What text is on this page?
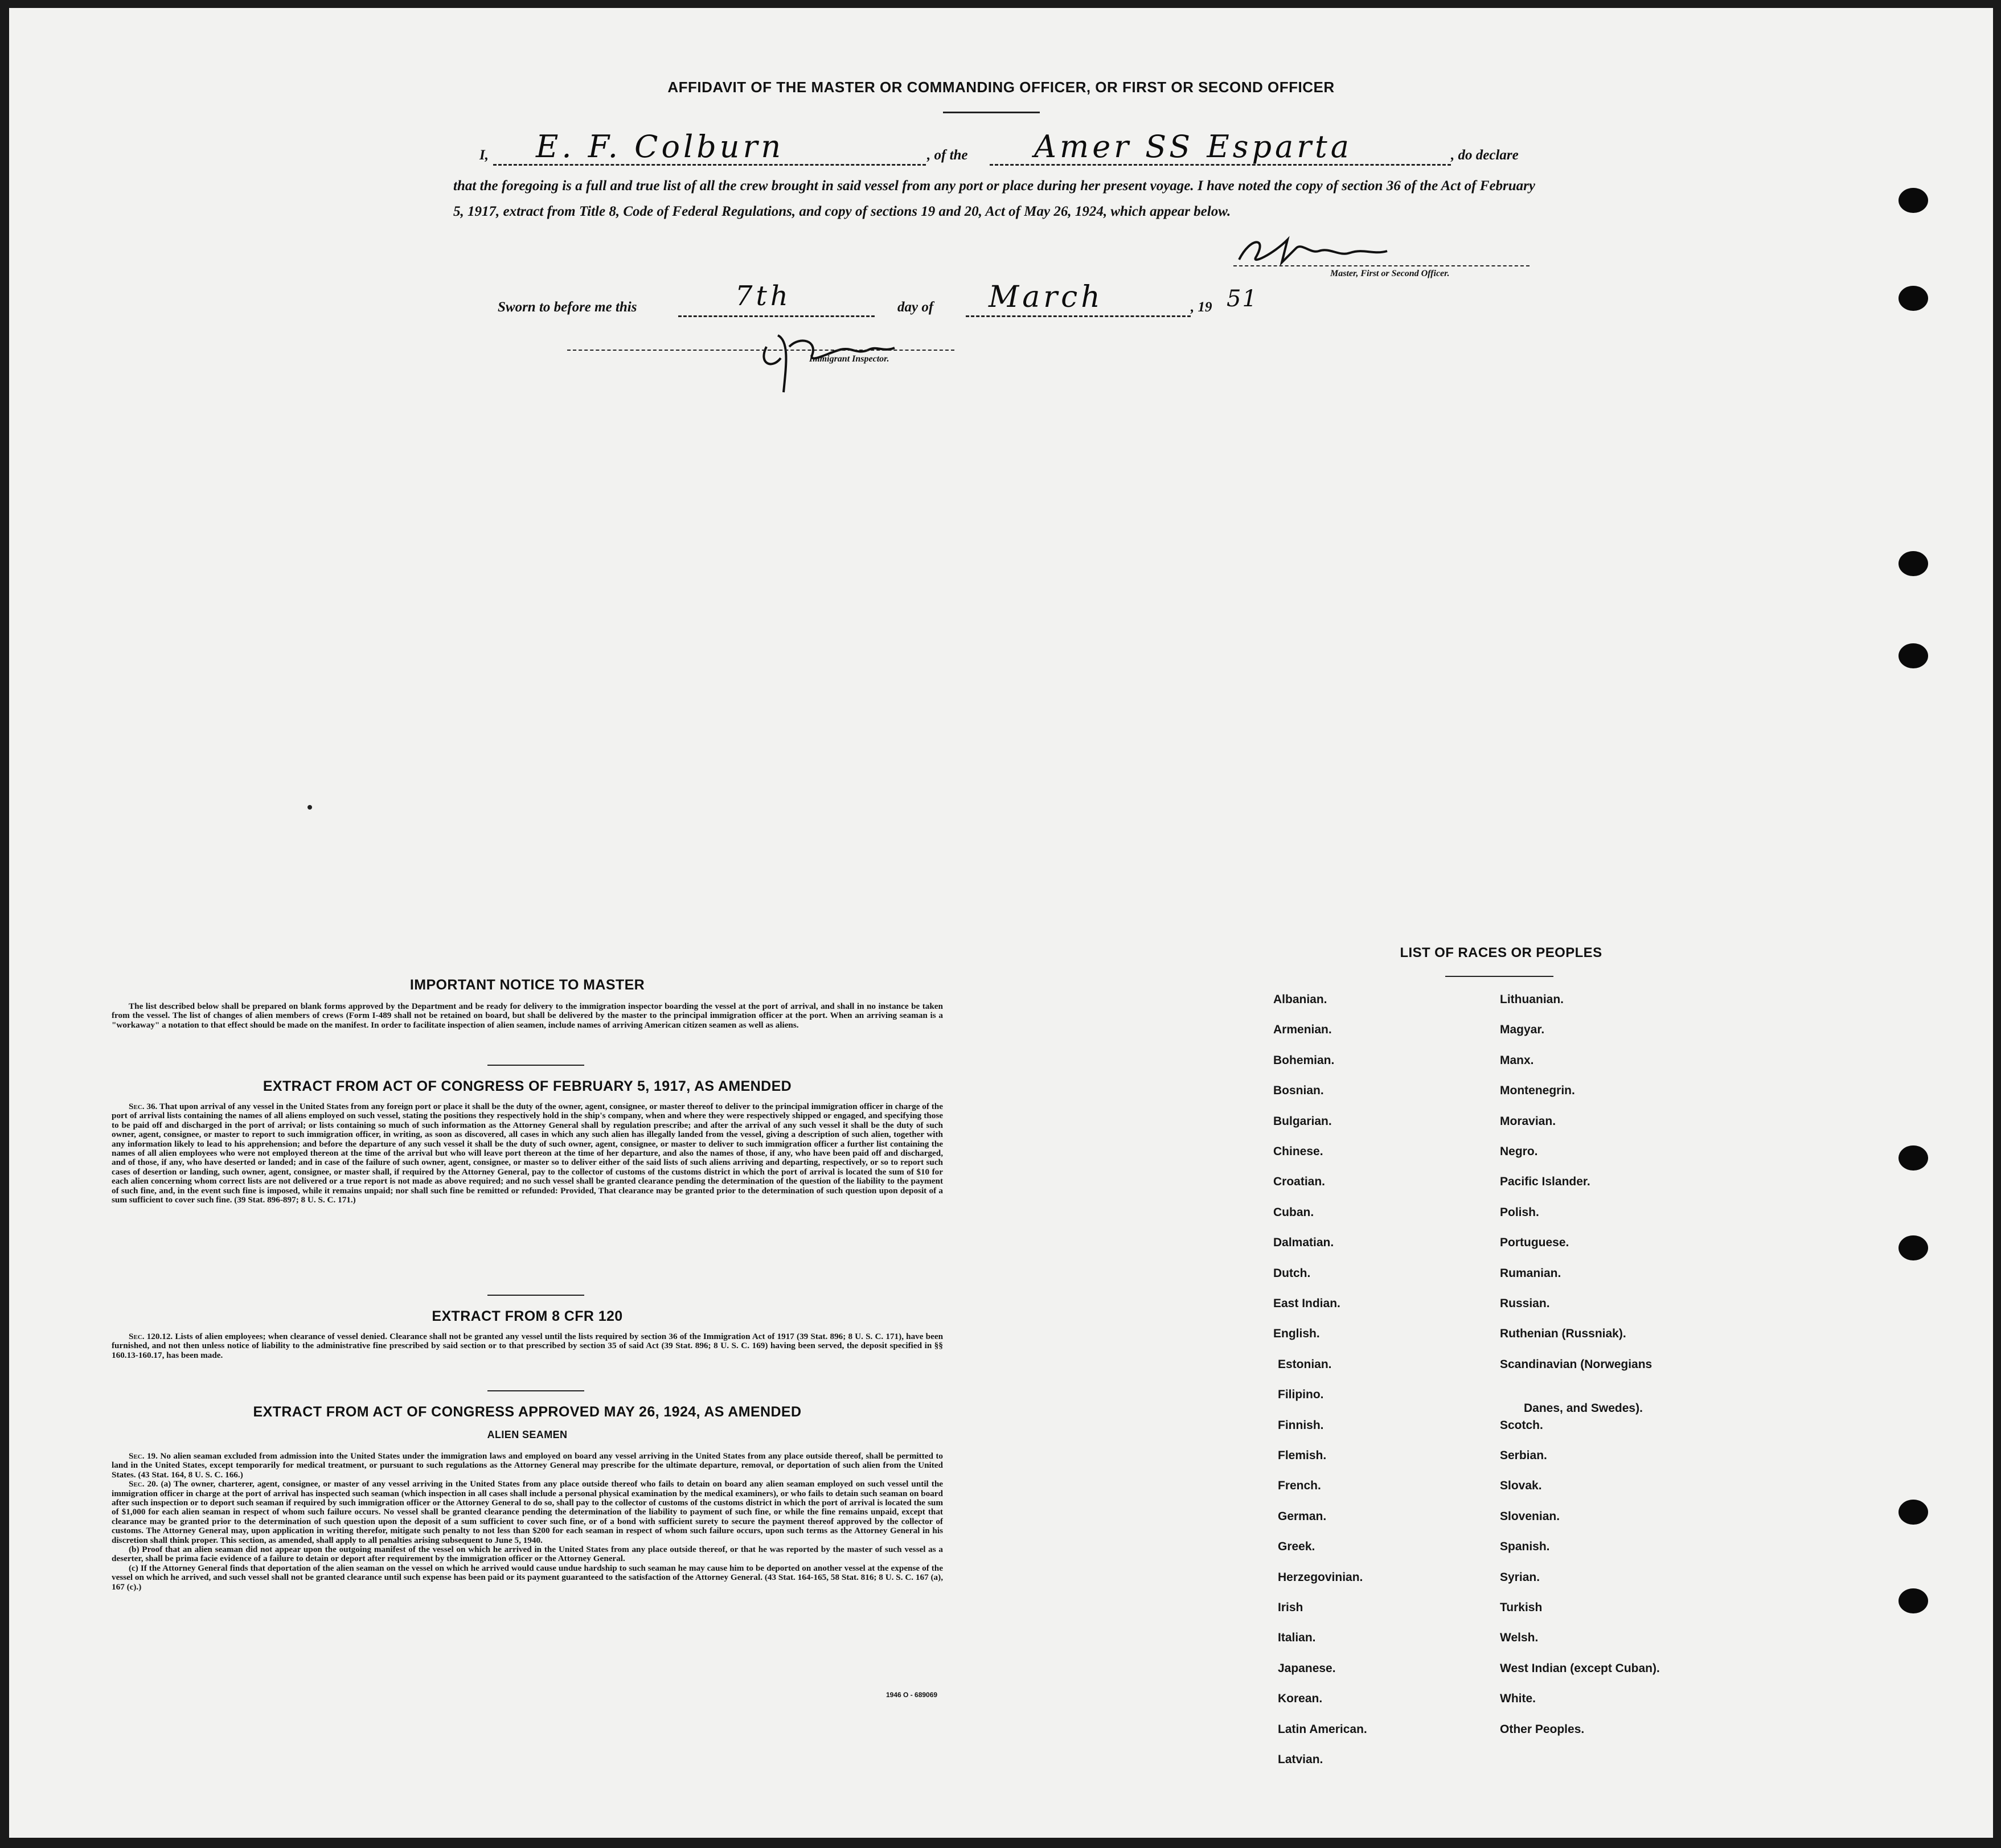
AFFIDAVIT OF THE MASTER OR COMMANDING OFFICER, OR FIRST OR SECOND OFFICER
I, E. F. Colburn	, of the Amer SS Esparta	, do declare
that the foregoing is a full and true list of all the crew brought in said vessel from any port or place during her present voyage. I have noted the copy of section 36 of the Act of February 5, 1917, extract from Title 8, Code of Federal Regulations, and copy of sections 19 and 20, Act of May 26, 1924, which appear below.
Master, First or Second Officer.
Sworn to before me this	7th	day of March	, 19 51
Immigrant Inspector.
IMPORTANT NOTICE TO MASTER

The list described below shall be prepared on blank forms approved by the Department and be ready for delivery to the immigration inspector boarding the vessel at the port of arrival, and shall in no instance be taken from the vessel. The list of changes of alien members of crews (Form I-489 shall not be retained on board, but shall be delivered by the master to the principal immigration officer at the port. When an arriving seaman is a "workaway" a notation to that effect should be made on the manifest. In order to facilitate inspection of alien seamen, include names of arriving American citizen seamen as well as aliens.

EXTRACT FROM ACT OF CONGRESS OF FEBRUARY 5, 1917, AS AMENDED

Sec. 36. That upon arrival of any vessel in the United States from any foreign port or place it shall be the duty of the owner, agent, consignee, or master thereof to deliver to the principal immigration officer in charge of the port of arrival lists containing the names of all aliens employed on such vessel, stating the positions they respectively hold in the ship's company, when and where they were respectively shipped or engaged, and specifying those to be paid off and discharged in the port of arrival; or lists containing so much of such information as the Attorney General shall by regulation prescribe; and after the arrival of any such vessel it shall be the duty of such owner, agent, consignee, or master to report to such immigration officer, in writing, as soon as discovered, all cases in which any such alien has illegally landed from the vessel, giving a description of such alien, together with any information likely to lead to his apprehension; and before the departure of any such vessel it shall be the duty of such owner, agent, consignee, or master to deliver to such immigration officer a further list containing the names of all alien employees who were not employed thereon at the time of the arrival but who will leave port thereon at the time of her departure, and also the names of those, if any, who have been paid off and discharged, and of those, if any, who have deserted or landed; and in case of the failure of such owner, agent, consignee, or master so to deliver either of the said lists of such aliens arriving and departing, respectively, or so to report such cases of desertion or landing, such owner, agent, consignee, or master shall, if required by the Attorney General, pay to the collector of customs of the customs district in which the port of arrival is located the sum of $10 for each alien concerning whom correct lists are not delivered or a true report is not made as above required; and no such vessel shall be granted clearance pending the determination of the question of the liability to the payment of such fine, and, in the event such fine is imposed, while it remains unpaid; nor shall such fine be remitted or refunded: Provided, That clearance may be granted prior to the determination of such question upon deposit of a sum sufficient to cover such fine. (39 Stat. 896-897; 8 U. S. C. 171.)

EXTRACT FROM 8 CFR 120

Sec. 120.12. Lists of alien employees; when clearance of vessel denied. Clearance shall not be granted any vessel until the lists required by section 36 of the Immigration Act of 1917 (39 Stat. 896; 8 U. S. C. 171), have been furnished, and not then unless notice of liability to the administrative fine prescribed by said section or to that prescribed by section 35 of said Act (39 Stat. 896; 8 U. S. C. 169) having been served, the deposit specified in §§ 160.13-160.17, has been made.

EXTRACT FROM ACT OF CONGRESS APPROVED MAY 26, 1924, AS AMENDED
ALIEN SEAMEN

Sec. 19. No alien seaman excluded from admission into the United States under the immigration laws and employed on board any vessel arriving in the United States from any place outside thereof, shall be permitted to land in the United States, except temporarily for medical treatment, or pursuant to such regulations as the Attorney General may prescribe for the ultimate departure, removal, or deportation of such alien from the United States. (43 Stat. 164, 8 U. S. C. 166.)

Sec. 20. (a) The owner, charterer, agent, consignee, or master of any vessel arriving in the United States from any place outside thereof who fails to detain on board any alien seaman employed on such vessel until the immigration officer in charge at the port of arrival has inspected such seaman (which inspection in all cases shall include a personal physical examination by the medical examiners), or who fails to detain such seaman on board after such inspection or to deport such seaman if required by such immigration officer or the Attorney General to do so, shall pay to the collector of customs of the customs district in which the port of arrival is located the sum of $1,000 for each alien seaman in respect of whom such failure occurs. No vessel shall be granted clearance pending the determination of the liability to payment of such fine, or while the fine remains unpaid, except that clearance may be granted prior to the determination of such question upon the deposit of a sum sufficient to cover such fine, or of a bond with sufficient surety to secure the payment thereof approved by the collector of customs. The Attorney General may, upon application in writing therefor, mitigate such penalty to not less than $200 for each seaman in respect of whom such failure occurs, upon such terms as the Attorney General in his discretion shall think proper. This section, as amended, shall apply to all penalties arising subsequent to June 5, 1940.

(b) Proof that an alien seaman did not appear upon the outgoing manifest of the vessel on which he arrived in the United States from any place outside thereof, or that he was reported by the master of such vessel as a deserter, shall be prima facie evidence of a failure to detain or deport after requirement by the immigration officer or the Attorney General.

(c) If the Attorney General finds that deportation of the alien seaman on the vessel on which he arrived would cause undue hardship to such seaman he may cause him to be deported on another vessel at the expense of the vessel on which he arrived, and such vessel shall not be granted clearance until such expense has been paid or its payment guaranteed to the satisfaction of the Attorney General. (43 Stat. 164-165, 58 Stat. 816; 8 U. S. C. 167 (a), 167 (c).)

1946 O - 689069
LIST OF RACES OR PEOPLES
Albanian.
Armenian.
Bohemian.
Bosnian.
Bulgarian.
Chinese.
Croatian.
Cuban.
Dalmatian.
Dutch.
East Indian.
English.
Estonian.
Filipino.
Finnish.
Flemish.
French.
German.
Greek.
Herzegovinian.
Irish
Italian.
Japanese.
Korean.
Latin American.
Latvian.
Lithuanian.
Magyar.
Manx.
Montenegrin.
Moravian.
Negro.
Pacific Islander.
Polish.
Portuguese.
Rumanian.
Russian.
Ruthenian (Russniak).
Scandinavian (Norwegians
Danes, and Swedes).
Scotch.
Serbian.
Slovak.
Slovenian.
Spanish.
Syrian.
Turkish
Welsh.
West Indian (except Cuban).
White.
Other Peoples.
